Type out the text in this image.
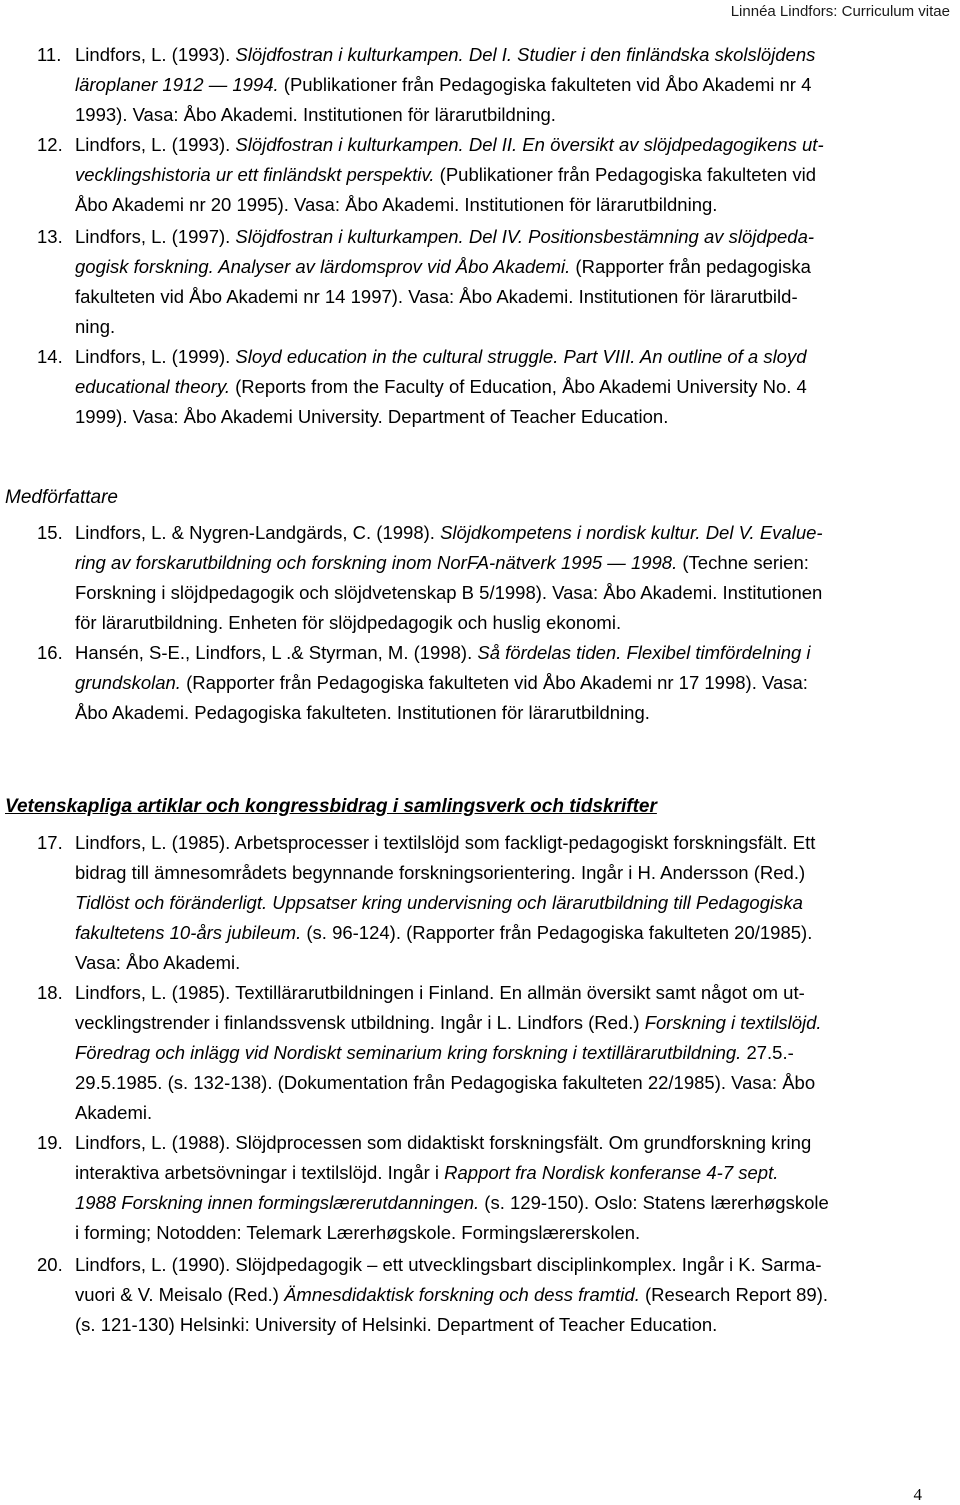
Linnéa Lindfors: Curriculum vitae
11. Lindfors, L. (1993). Slöjdfostran i kulturkampen. Del I. Studier i den finländska skolslöjdens
läroplaner 1912 — 1994. (Publikationer från Pedagogiska fakulteten vid Åbo Akademi nr 4
1993). Vasa: Åbo Akademi. Institutionen för lärarutbildning.
12. Lindfors, L. (1993). Slöjdfostran i kulturkampen. Del II. En översikt av slöjdpedagogikens ut-
vecklingshistoria ur ett finländskt perspektiv. (Publikationer från Pedagogiska fakulteten vid
Åbo Akademi nr 20 1995). Vasa: Åbo Akademi. Institutionen för lärarutbildning.
13. Lindfors, L. (1997). Slöjdfostran i kulturkampen. Del IV. Positionsbestämning av slöjdpeda-
gogisk forskning. Analyser av lärdomsprov vid Åbo Akademi. (Rapporter från pedagogiska
fakulteten vid Åbo Akademi nr 14 1997). Vasa: Åbo Akademi. Institutionen för lärarutbild-
ning.
14. Lindfors, L. (1999). Sloyd education in the cultural struggle. Part VIII. An outline of a sloyd
educational theory. (Reports from the Faculty of Education, Åbo Akademi University No. 4
1999). Vasa: Åbo Akademi University. Department of Teacher Education.
15. Lindfors, L. & Nygren-Landgärds, C. (1998). Slöjdkompetens i nordisk kultur. Del V. Evalue-
ring av forskarutbildning och forskning inom NorFA-nätverk 1995 — 1998. (Techne serien:
Forskning i slöjdpedagogik och slöjdvetenskap B 5/1998). Vasa: Åbo Akademi. Institutionen
för lärarutbildning. Enheten för slöjdpedagogik och huslig ekonomi.
16. Hansén, S-E., Lindfors, L .& Styrman, M. (1998). Så fördelas tiden. Flexibel timfördelning i
grundskolan. (Rapporter från Pedagogiska fakulteten vid Åbo Akademi nr 17 1998). Vasa:
Åbo Akademi. Pedagogiska fakulteten. Institutionen för lärarutbildning.
17. Lindfors, L. (1985). Arbetsprocesser i textilslöjd som fackligt-pedagogiskt forskningsfält. Ett
bidrag till ämnesområdets begynnande forskningsorientering. Ingår i H. Andersson (Red.)
Tidlöst och föränderligt. Uppsatser kring undervisning och lärarutbildning till Pedagogiska
fakultetens 10-års jubileum. (s. 96-124). (Rapporter från Pedagogiska fakulteten 20/1985).
Vasa: Åbo Akademi.
18. Lindfors, L. (1985). Textillärarutbildningen i Finland. En allmän översikt samt något om ut-
vecklingstrender i finlandssvensk utbildning. Ingår i L. Lindfors (Red.) Forskning i textilslöjd.
Föredrag och inlägg vid Nordiskt seminarium kring forskning i textillärarutbildning. 27.5.-
29.5.1985. (s. 132-138). (Dokumentation från Pedagogiska fakulteten 22/1985). Vasa: Åbo
Akademi.
19. Lindfors, L. (1988). Slöjdprocessen som didaktiskt forskningsfält. Om grundforskning kring
interaktiva arbetsövningar i textilslöjd. Ingår i Rapport fra Nordisk konferanse 4-7 sept.
1988 Forskning innen formingslærerutdanningen. (s. 129-150). Oslo: Statens lærerhøgskole
i forming; Notodden: Telemark Lærerhøgskole. Formingslærerskolen.
20. Lindfors, L. (1990). Slöjdpedagogik – ett utvecklingsbart disciplinkomplex. Ingår i K. Sarma-
vuori & V. Meisalo (Red.) Ämnesdidaktisk forskning och dess framtid. (Research Report 89).
(s. 121-130) Helsinki: University of Helsinki. Department of Teacher Education.
Medförfattare
Vetenskapliga artiklar och kongressbidrag i samlingsverk och tidskrifter
4
